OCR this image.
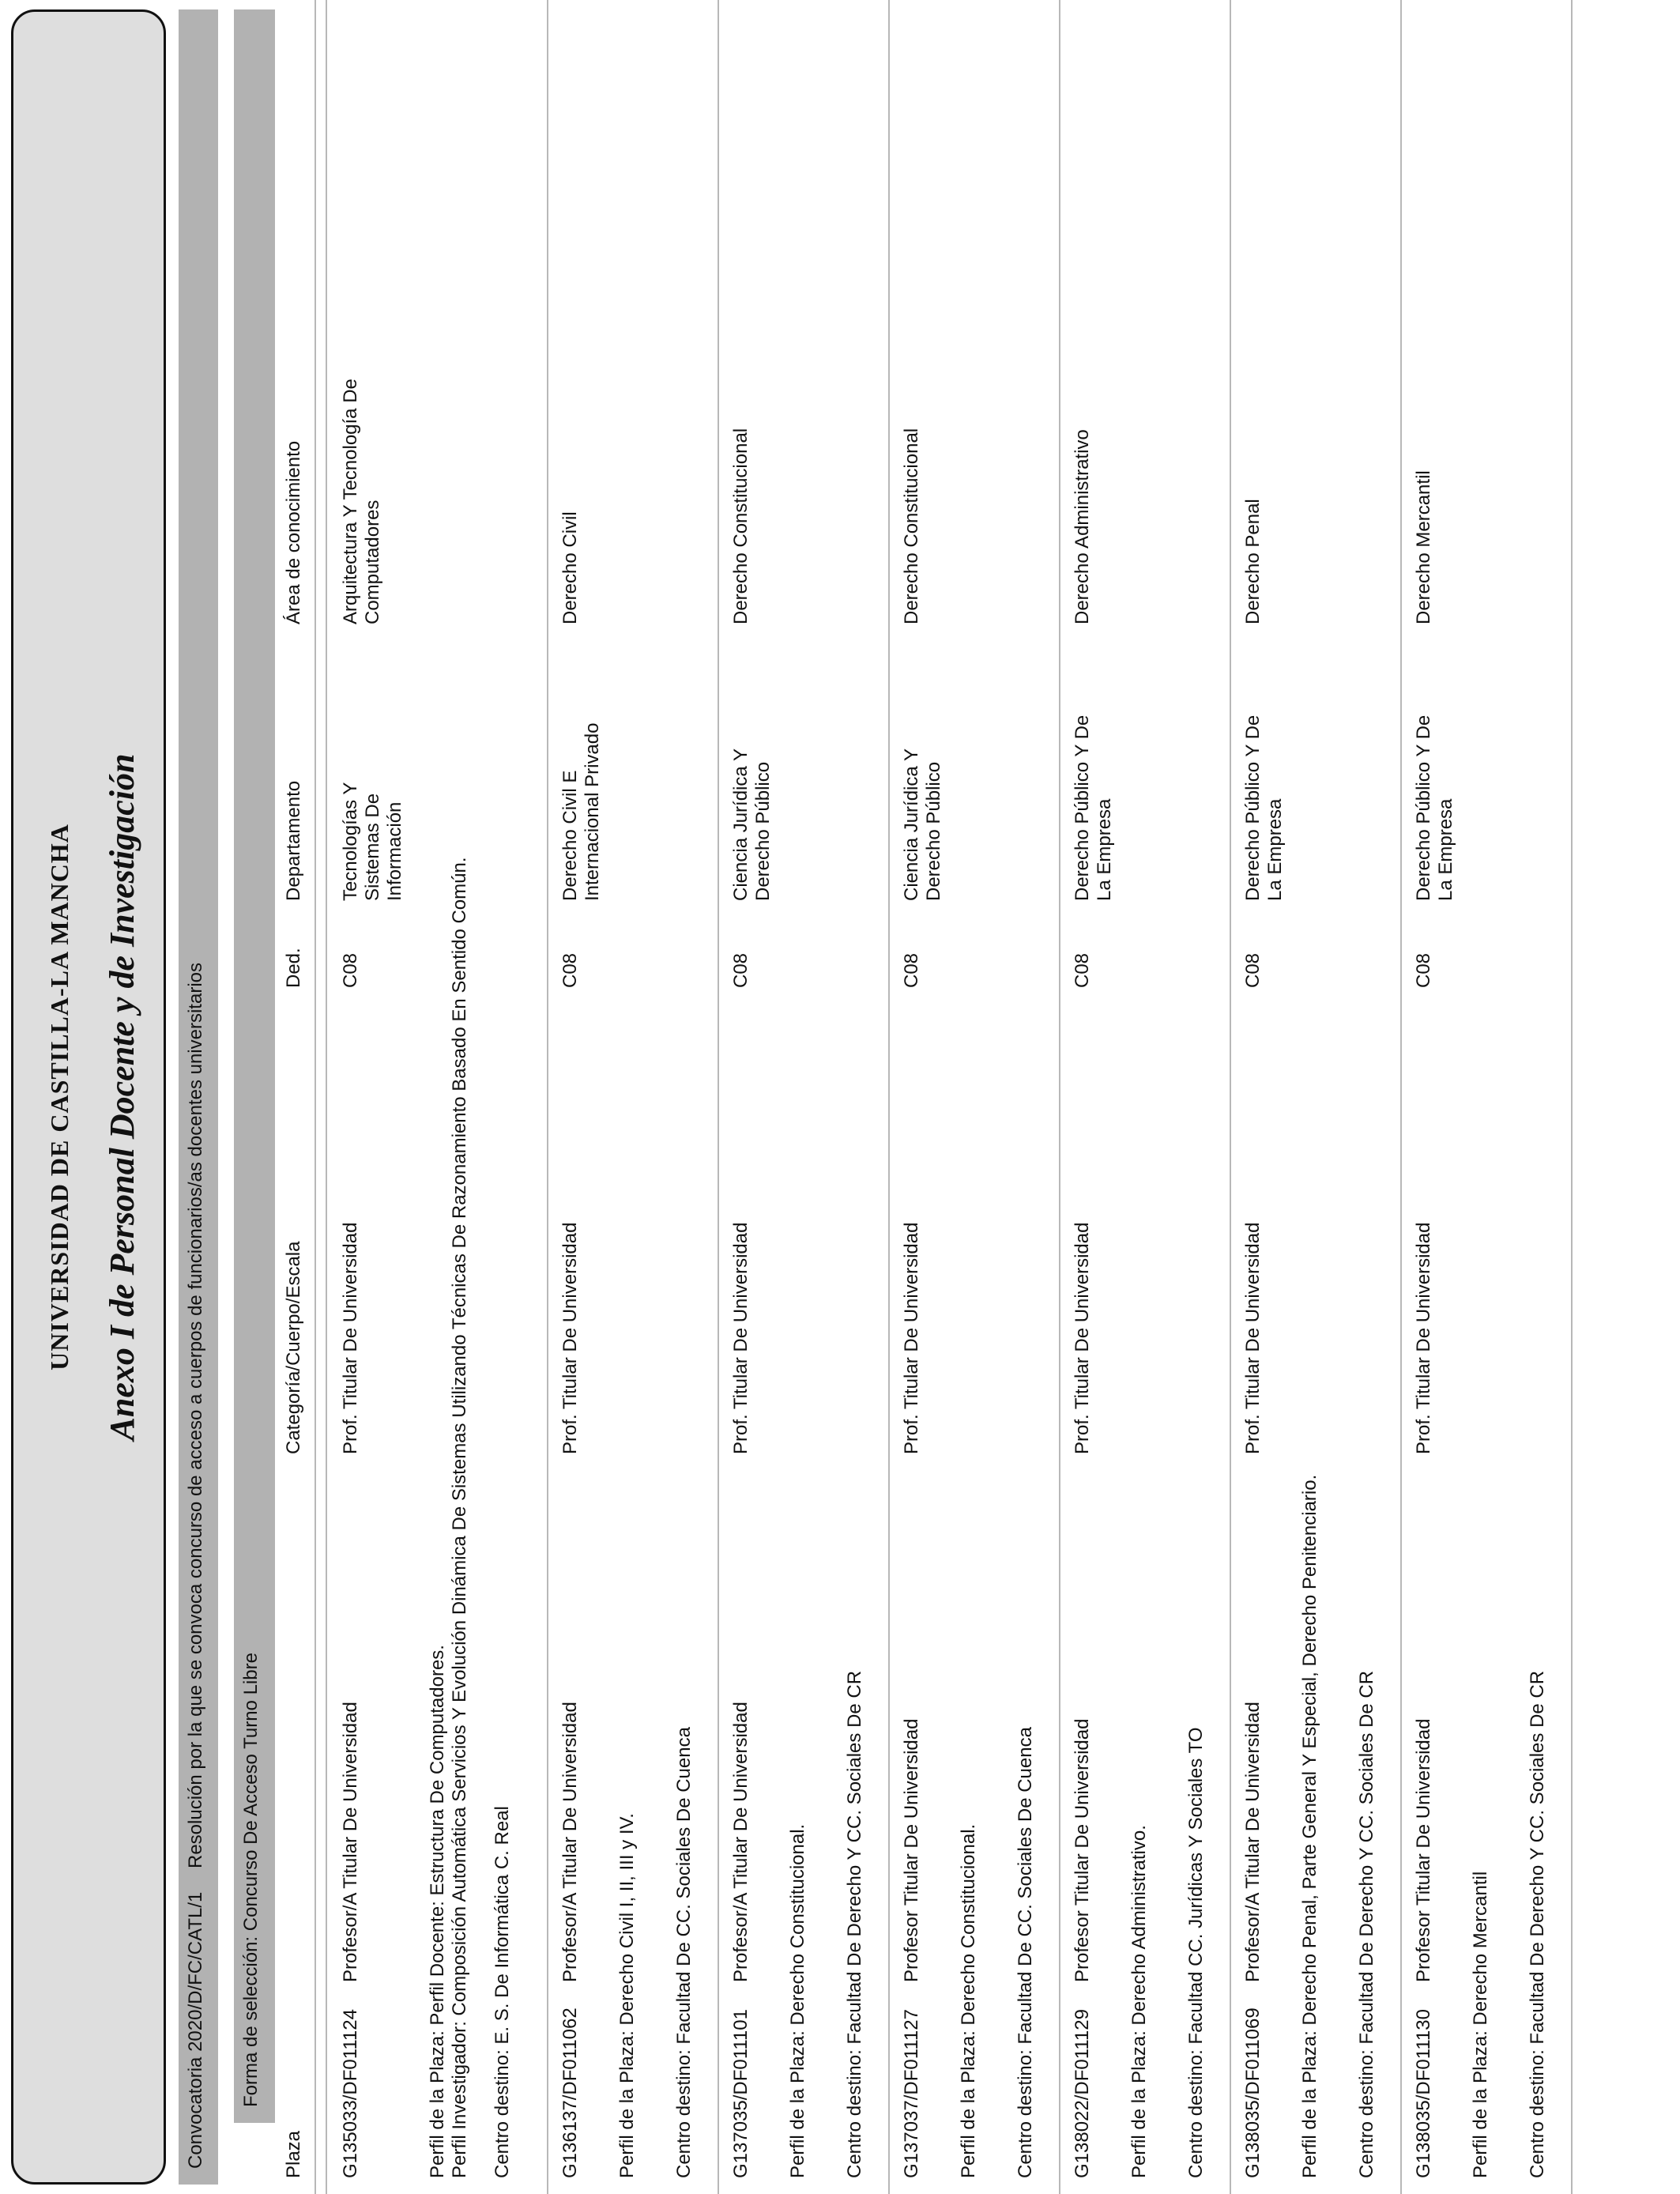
UNIVERSIDAD DE CASTILLA-LA MANCHA Anexo I de Personal Docente y de Investigación
Convocatoria 2020/D/FC/CATL/1
Resolución por la que se convoca concurso de acceso a cuerpos de funcionarios/as docentes universitarios
Forma de selección: Concurso De Acceso Turno Libre
Plaza
Categoría/Cuerpo/Escala
Ded.
Departamento
Área de conocimiento
G135033/DF011124
Profesor/A Titular De Universidad
Prof. Titular De Universidad
C08
Tecnologías Y Sistemas De Información
Arquitectura Y Tecnología De Computadores
Perfil de la Plaza: Perfil Docente: Estructura De Computadores. Perfil Investigador: Composición Automática Servicios Y Evolución Dinámica De Sistemas Utilizando Técnicas De Razonamiento Basado En Sentido Común. Centro destino: E. S. De Informática C. Real G136137/DF011062
Profesor/A Titular De Universidad
Prof. Titular De Universidad
C08
Derecho Civil E Internacional Privado
Derecho Civil
Perfil de la Plaza: Derecho Civil I, II, III y IV. Centro destino: Facultad De CC. Sociales De Cuenca G137035/DF011101
Profesor/A Titular De Universidad
Prof. Titular De Universidad
C08
Ciencia Jurídica Y Derecho Público
Derecho Constitucional
Perfil de la Plaza: Derecho Constitucional. Centro destino: Facultad De Derecho Y CC. Sociales De CR G137037/DF011127
Profesor Titular De Universidad
Prof. Titular De Universidad
C08
Ciencia Jurídica Y Derecho Público
Derecho Constitucional
Perfil de la Plaza: Derecho Constitucional. Centro destino: Facultad De CC. Sociales De Cuenca G138022/DF011129
Profesor Titular De Universidad
Prof. Titular De Universidad
C08
Derecho Público Y De La Empresa
Derecho Administrativo
Perfil de la Plaza: Derecho Administrativo. Centro destino: Facultad CC. Jurídicas Y Sociales TO G138035/DF011069
Profesor/A Titular De Universidad
Prof. Titular De Universidad
C08
Derecho Público Y De La Empresa
Derecho Penal
Perfil de la Plaza: Derecho Penal, Parte General Y Especial, Derecho Penitenciario. Centro destino: Facultad De Derecho Y CC. Sociales De CR G138035/DF011130
Profesor Titular De Universidad
Prof. Titular De Universidad
C08
Derecho Público Y De La Empresa
Derecho Mercantil
Perfil de la Plaza: Derecho Mercantil Centro destino: Facultad De Derecho Y CC. Sociales De CR
